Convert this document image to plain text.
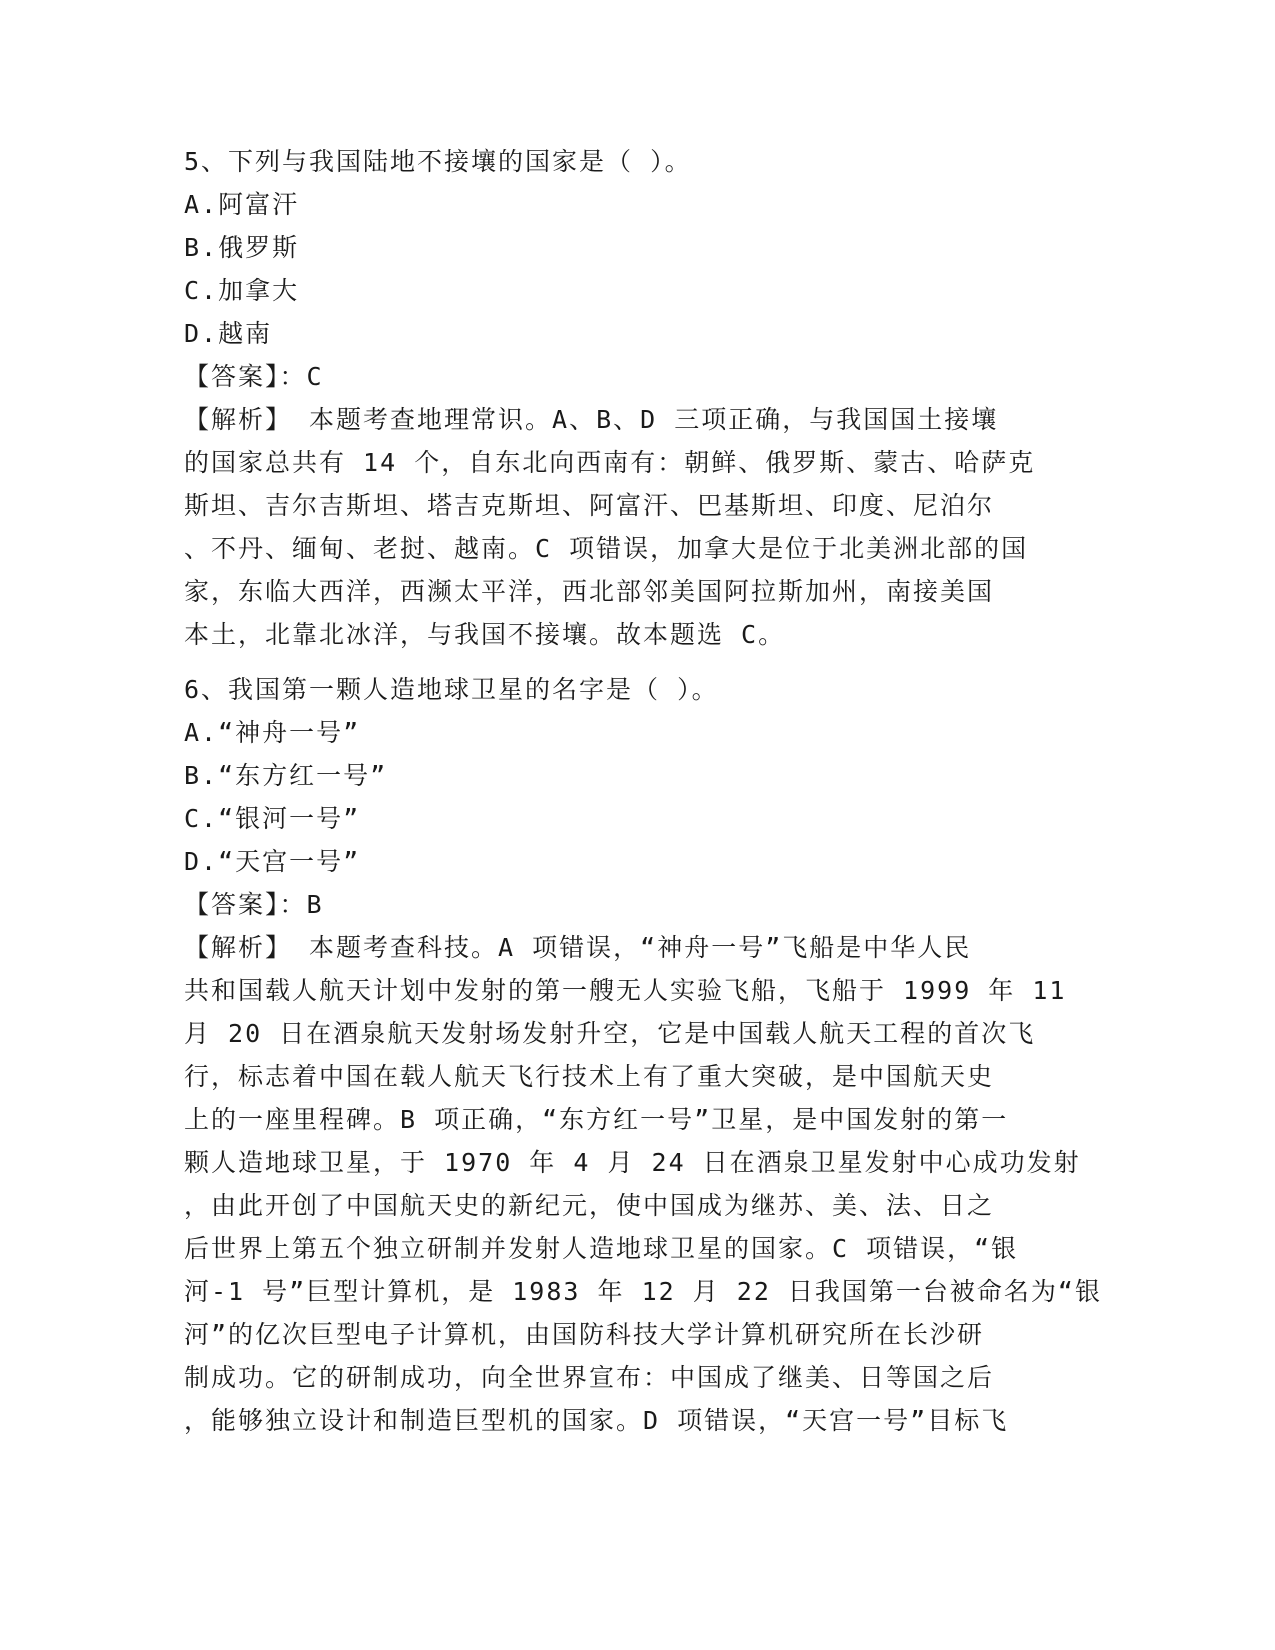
5、下列与我国陆地不接壤的国家是（ ）。
A.阿富汗
B.俄罗斯
C.加拿大
D.越南
【答案】：C
【解析】 本题考查地理常识。A、B、D 三项正确，与我国国土接壤
的国家总共有 14 个，自东北向西南有：朝鲜、俄罗斯、蒙古、哈萨克
斯坦、吉尔吉斯坦、塔吉克斯坦、阿富汗、巴基斯坦、印度、尼泊尔
、不丹、缅甸、老挝、越南。C 项错误，加拿大是位于北美洲北部的国
家，东临大西洋，西濒太平洋，西北部邻美国阿拉斯加州，南接美国
本土，北靠北冰洋，与我国不接壤。故本题选 C。
6、我国第一颗人造地球卫星的名字是（ ）。
A.“神舟一号”
B.“东方红一号”
C.“银河一号”
D.“天宫一号”
【答案】：B
【解析】 本题考查科技。A 项错误，“神舟一号”飞船是中华人民
共和国载人航天计划中发射的第一艘无人实验飞船，飞船于 1999 年 11
月 20 日在酒泉航天发射场发射升空，它是中国载人航天工程的首次飞
行，标志着中国在载人航天飞行技术上有了重大突破，是中国航天史
上的一座里程碑。B 项正确，“东方红一号”卫星，是中国发射的第一
颗人造地球卫星，于 1970 年 4 月 24 日在酒泉卫星发射中心成功发射
，由此开创了中国航天史的新纪元，使中国成为继苏、美、法、日之
后世界上第五个独立研制并发射人造地球卫星的国家。C 项错误，“银
河-1 号”巨型计算机，是 1983 年 12 月 22 日我国第一台被命名为“银
河”的亿次巨型电子计算机，由国防科技大学计算机研究所在长沙研
制成功。它的研制成功，向全世界宣布：中国成了继美、日等国之后
，能够独立设计和制造巨型机的国家。D 项错误，“天宫一号”目标飞
